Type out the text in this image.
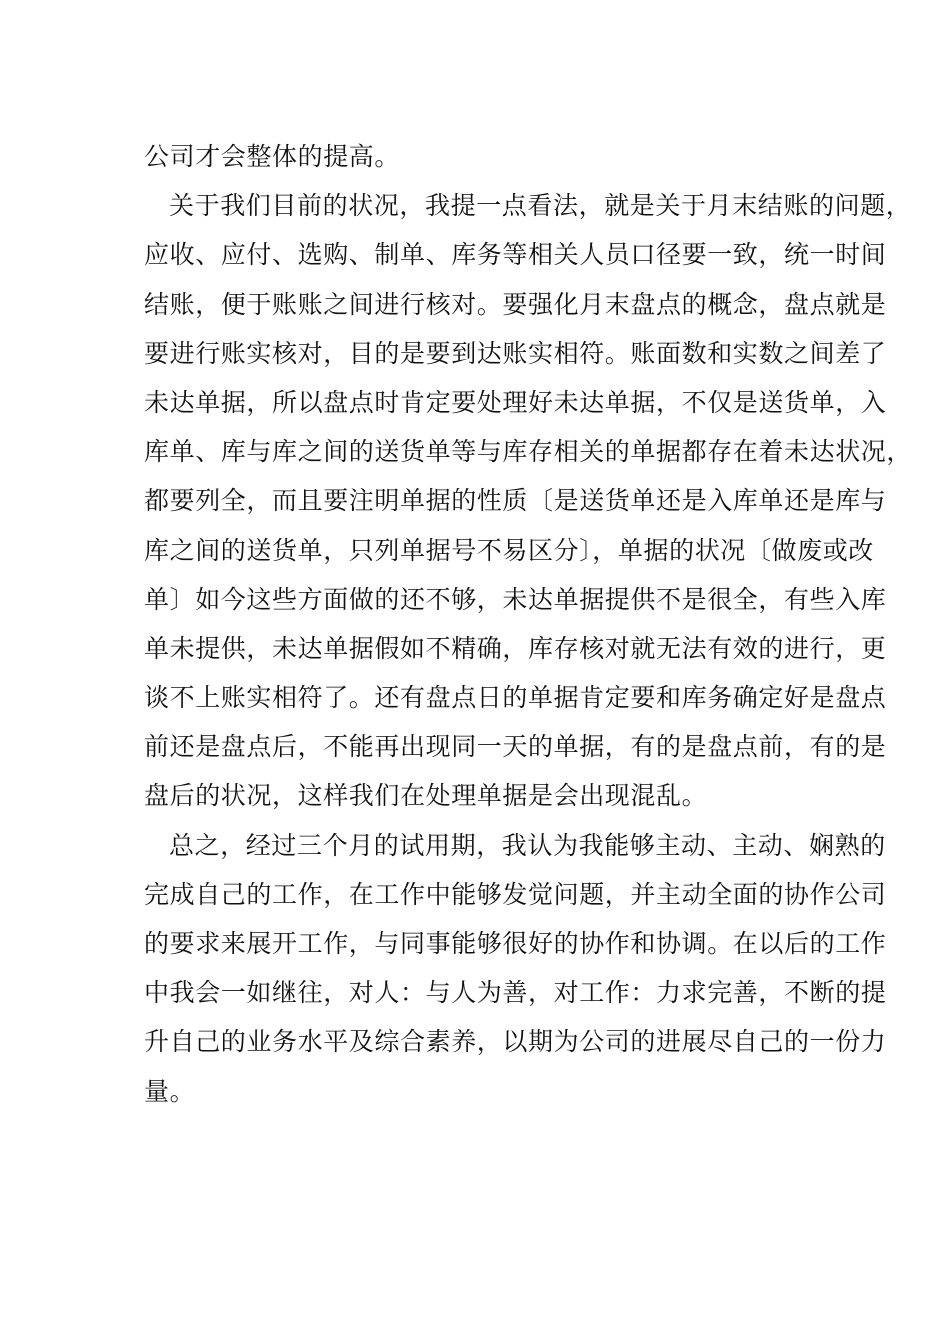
公司才会整体的提高。
关于我们目前的状况，我提一点看法，就是关于月末结账的问题，
应收、应付、选购、制单、库务等相关人员口径要一致，统一时间
结账，便于账账之间进行核对。要强化月末盘点的概念，盘点就是
要进行账实核对，目的是要到达账实相符。账面数和实数之间差了
未达单据，所以盘点时肯定要处理好未达单据，不仅是送货单，入
库单、库与库之间的送货单等与库存相关的单据都存在着未达状况，
都要列全，而且要注明单据的性质〔是送货单还是入库单还是库与
库之间的送货单，只列单据号不易区分〕，单据的状况〔做废或改
单〕如今这些方面做的还不够，未达单据提供不是很全，有些入库
单未提供，未达单据假如不精确，库存核对就无法有效的进行，更
谈不上账实相符了。还有盘点日的单据肯定要和库务确定好是盘点
前还是盘点后，不能再出现同一天的单据，有的是盘点前，有的是
盘后的状况，这样我们在处理单据是会出现混乱。
总之，经过三个月的试用期，我认为我能够主动、主动、娴熟的
完成自己的工作，在工作中能够发觉问题，并主动全面的协作公司
的要求来展开工作，与同事能够很好的协作和协调。在以后的工作
中我会一如继往，对人：与人为善，对工作：力求完善，不断的提
升自己的业务水平及综合素养，以期为公司的进展尽自己的一份力
量。
